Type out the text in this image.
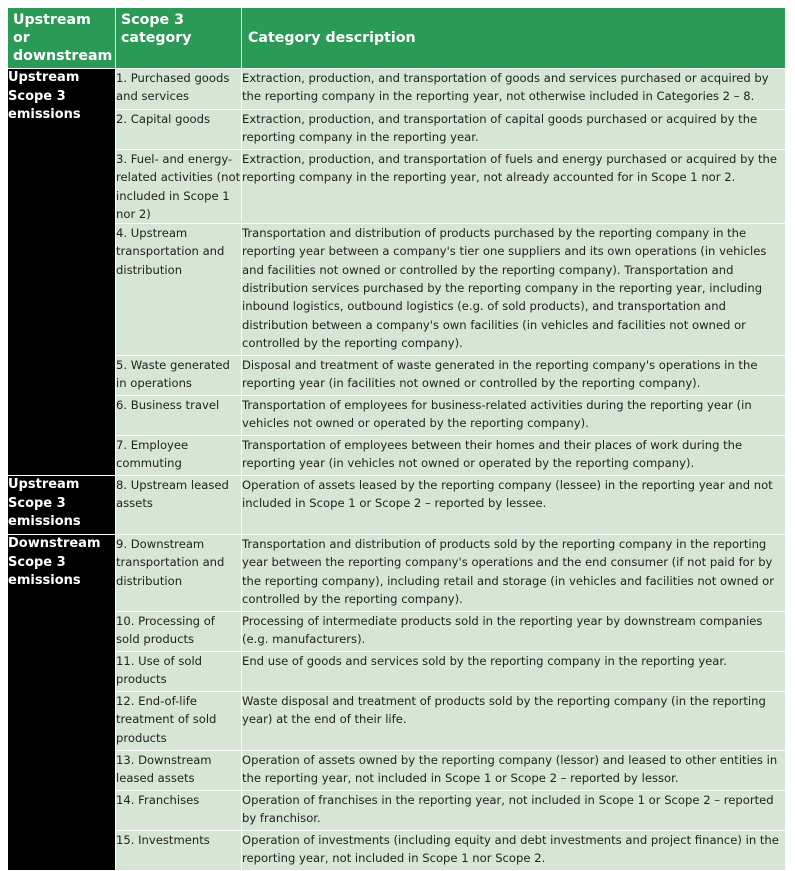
Upstream or downstream	Scope 3 category	Category description
Upstream Scope 3 emissions	1. Purchased goods and services	Extraction, production, and transportation of goods and services purchased or acquired by the reporting company in the reporting year, not otherwise included in Categories 2 – 8.
	2. Capital goods	Extraction, production, and transportation of capital goods purchased or acquired by the reporting company in the reporting year.
	3. Fuel- and energy-related activities (not included in Scope 1 nor 2)	Extraction, production, and transportation of fuels and energy purchased or acquired by the reporting company in the reporting year, not already accounted for in Scope 1 nor 2.
	4. Upstream transportation and distribution	Transportation and distribution of products purchased by the reporting company in the reporting year between a company's tier one suppliers and its own operations (in vehicles and facilities not owned or controlled by the reporting company). Transportation and distribution services purchased by the reporting company in the reporting year, including inbound logistics, outbound logistics (e.g. of sold products), and transportation and distribution between a company's own facilities (in vehicles and facilities not owned or controlled by the reporting company).
	5. Waste generated in operations	Disposal and treatment of waste generated in the reporting company's operations in the reporting year (in facilities not owned or controlled by the reporting company).
	6. Business travel	Transportation of employees for business-related activities during the reporting year (in vehicles not owned or operated by the reporting company).
	7. Employee commuting	Transportation of employees between their homes and their places of work during the reporting year (in vehicles not owned or operated by the reporting company).
Upstream Scope 3 emissions	8. Upstream leased assets	Operation of assets leased by the reporting company (lessee) in the reporting year and not included in Scope 1 or Scope 2 – reported by lessee.
Downstream Scope 3 emissions	9. Downstream transportation and distribution	Transportation and distribution of products sold by the reporting company in the reporting year between the reporting company's operations and the end consumer (if not paid for by the reporting company), including retail and storage (in vehicles and facilities not owned or controlled by the reporting company).
	10. Processing of sold products	Processing of intermediate products sold in the reporting year by downstream companies (e.g. manufacturers).
	11. Use of sold products	End use of goods and services sold by the reporting company in the reporting year.
	12. End-of-life treatment of sold products	Waste disposal and treatment of products sold by the reporting company (in the reporting year) at the end of their life.
	13. Downstream leased assets	Operation of assets owned by the reporting company (lessor) and leased to other entities in the reporting year, not included in Scope 1 or Scope 2 – reported by lessor.
	14. Franchises	Operation of franchises in the reporting year, not included in Scope 1 or Scope 2 – reported by franchisor.
	15. Investments	Operation of investments (including equity and debt investments and project finance) in the reporting year, not included in Scope 1 nor Scope 2.
